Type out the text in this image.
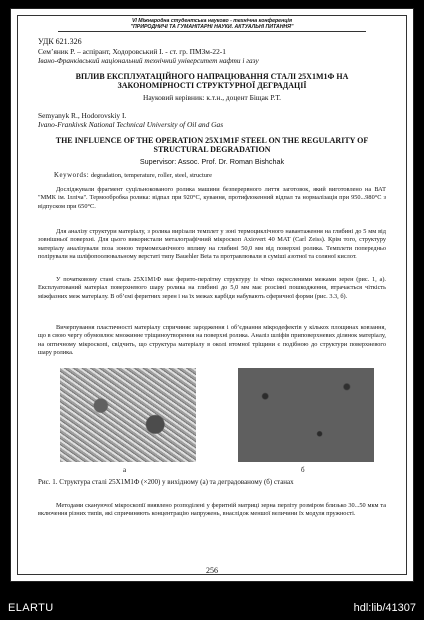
VI Міжнародна студентська науково - технічна конференція
"ПРИРОДНИЧІ ТА ГУМАНІТАРНІ НАУКИ. АКТУАЛЬНІ ПИТАННЯ"
УДК 621.326
Сем’яник Р. – аспірант, Ходоровський І. - ст. гр. ПМЗм-22-1
Івано-Франківський національний технічний університет нафти і газу
ВПЛИВ ЕКСПЛУАТАЦІЙНОГО НАПРАЦЮВАННЯ СТАЛІ 25Х1М1Ф НА ЗАКОНОМІРНОСТІ СТРУКТУРНОЇ ДЕГРАДАЦІЇ
Науковий керівник: к.т.н., доцент Біщак Р.Т.
Semyanyk R., Hodorovskiy I.
Ivano-Frankivsk National Technical University of Oil and Gas
THE INFLUENCE OF THE OPERATION 25X1M1F STEEL ON THE REGULARITY OF STRUCTURAL DEGRADATION
Supervisor: Assoc. Prof. Dr. Roman Bishchak
Keywords: degradation, temperature, roller, steel, structure
Досліджували фрагмент суцільнокованого ролика машини безперервного лиття заготовок, який виготовлено на ВАТ "ММК ім. Ілліча". Термообробка ролика: відпал при 920°С, кування, протифлокенний відпал та нормалізація при 950...980°С з відпуском при 650°С.
Для аналізу структури матеріалу, з ролика вирізали темплет у зоні термоциклічного навантаження на глибині до 5 мм від зовнішньої поверхні. Для цього використали металографічний мікроскоп Axiovert 40 MAT (Carl Zeiss). Крім того, структуру матеріалу аналізували поза зоною термомеханічного впливу на глибині 50,0 мм від поверхні ролика. Темплети попередньо полірували на шліфопоолювальному верстаті типу Bauehler Beta та протравлювали в суміші азотної та соляної кислот.
У початковому стані сталь 25Х1М1Ф має ферито-перлітну структуру із чітко окресленими межами зерен (рис. 1, а). Експлуатований матеріал поверхневого шару ролика на глибині до 5,0 мм має розсіяні пошкодження, втрачається чіткість міжфазних меж матеріалу. В об’ємі феритних зерен і на їх межах карбіди набувають сферичної форми (рис. 3.3, б).
Вичерпування пластичності матеріалу спричиняє зародження і об’єднання мікродефектів у кількох площинах ковзання, що в свою чергу обумовлює множинне тріщиноутворення на поверхні ролика. Аналіз шліфів приповерхневих ділянок матеріалу, на оптичному мікроскопі, свідчить, що структура матеріалу в околі втомної тріщини є подібною до структури поверхневого шару ролика.
а	б
Рис. 1. Структура сталі 25Х1М1Ф (×200) у вихідному (а) та деградованому (б) станах
Методами скануючої мікроскопії виявлено розподілені у феритній матриці зерна перліту розміром близько 30...50 мкм та включення різних типів, які спричиняють концентрацію напружень, внаслідок меншої величини їх модуля пружності.
256
ELARTU	hdl:lib/41307
